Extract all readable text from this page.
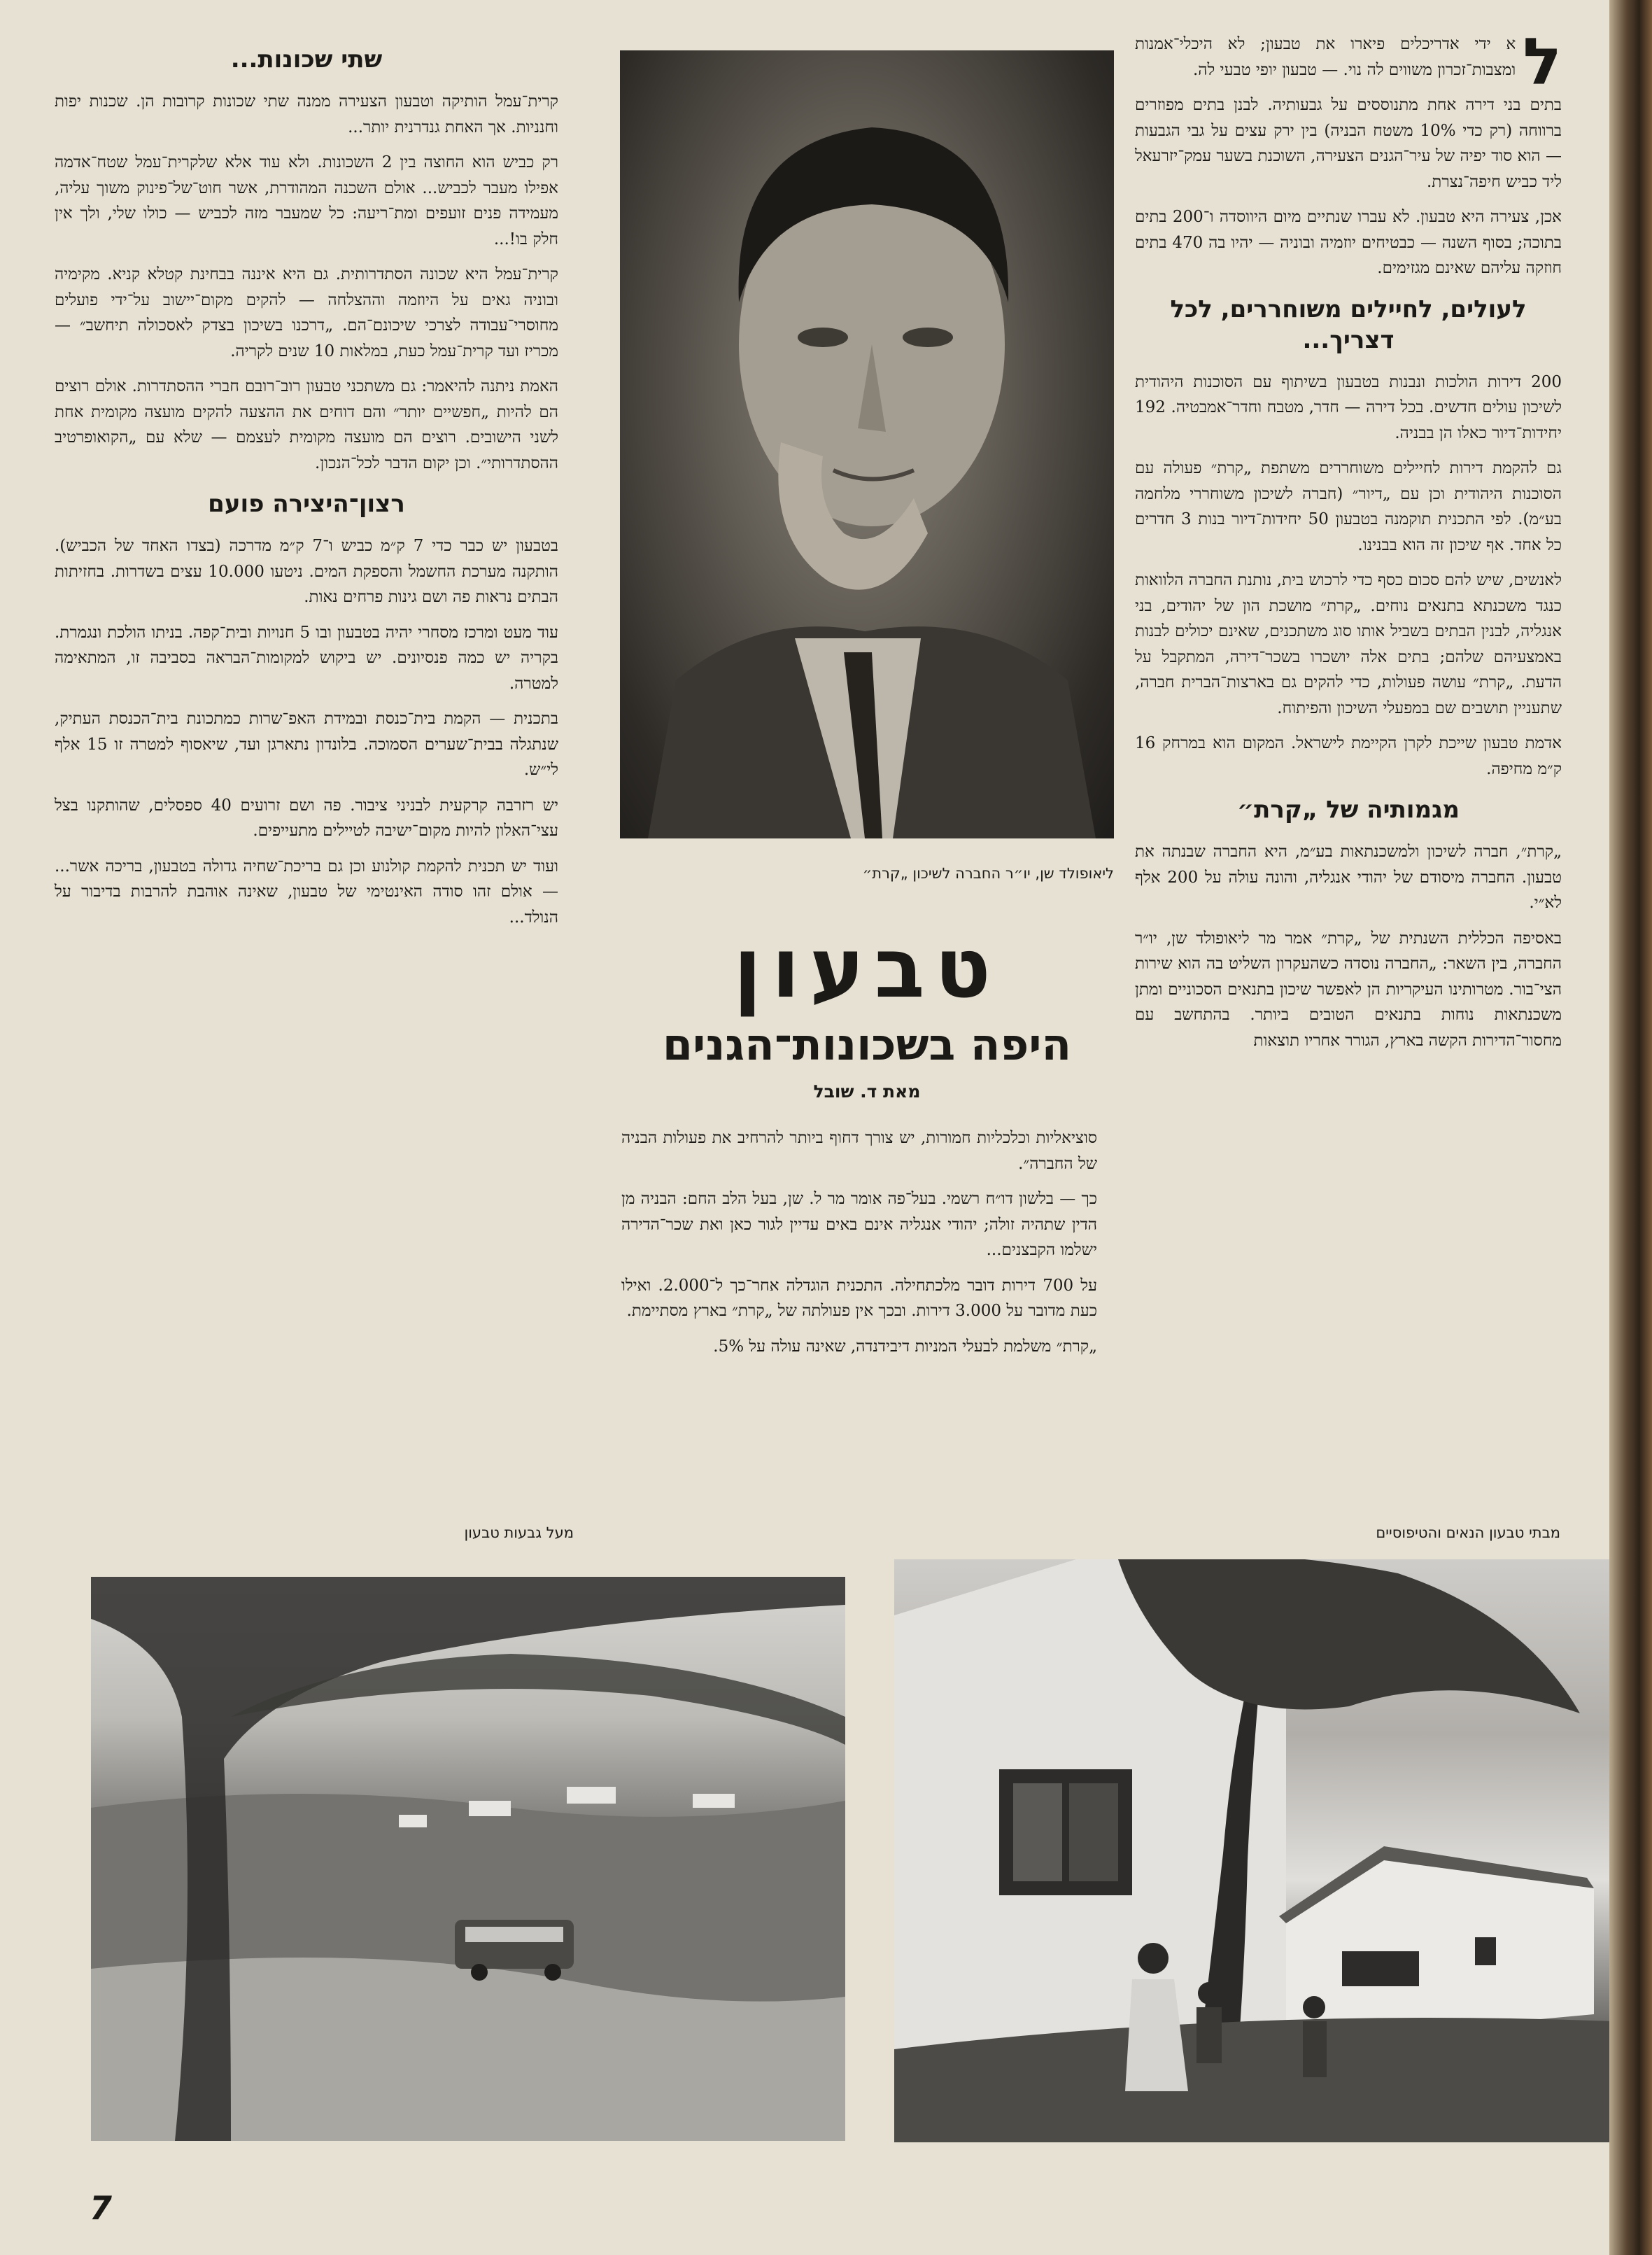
ל
א ידי אדריכלים פיארו את טבעון; לא היכלי־אמנות ומצבות־זכרון משווים לה נוי. — טבעון יופי טבעי לה.

בתים בני דירה אחת מתנוססים על גבעותיה. לבנן בתים מפוזרים ברווחה (רק כדי 10% משטח הבניה) בין ירק עצים על גבי הגבעות — הוא סוד יפיה של עיר־הגנים הצעירה, השוכנת בשער עמק־יזרעאל ליד כביש חיפה־נצרת.

אכן, צעירה היא טבעון. לא עברו שנתיים מיום היווסדה ו־200 בתים בתוכה; בסוף השנה — כבטיחים יוזמיה ובוניה — יהיו בה 470 בתים חוזקה עליהם שאינם מגזימים.

לעולים, לחיילים משוחררים, לכל דצריך...

200 דירות הולכות ונבנות בטבעון בשיתוף עם הסוכנות היהודית לשיכון עולים חדשים. בכל דירה — חדר, מטבח וחדר־אמבטיה. 192 יחידות־דיור כאלו הן בבניה.

גם להקמת דירות לחיילים משוחררים משתפת „קרת״ פעולה עם הסוכנות היהודית וכן עם „דיור״ (חברה לשיכון משוחררי מלחמה בע״מ). לפי התכנית תוקמנה בטבעון 50 יחידות־דיור בנות 3 חדרים כל אחד. אף שיכון זה הוא בבנינו.

לאנשים, שיש להם סכום כסף כדי לרכוש בית, נותנת החברה הלוואות כנגד משכנתא בתנאים נוחים. „קרת״ מושכת הון של יהודים, בני אנגליה, לבנין הבתים בשביל אותו סוג משתכנים, שאינם יכולים לבנות באמצעיהם שלהם; בתים אלה יושכרו בשכר־דירה, המתקבל על הדעת. „קרת״ עושה פעולות, כדי להקים גם בארצות־הברית חברה, שתעניין תושבים שם במפעלי השיכון והפיתוח.

אדמת טבעון שייכת לקרן הקיימת לישראל. המקום הוא במרחק 16 ק״מ מחיפה.

מגמותיה של „קרת״

„קרת״, חברה לשיכון ולמשכנתאות בע״מ, היא החברה שבנתה את טבעון. החברה מיסודם של יהודי אנגליה, והונה עולה על 200 אלף לא״י.

באסיפה הכללית השנתית של „קרת״ אמר מר ליאופולד שן, יו״ר החברה, בין השאר: „החברה נוסדה כשהעקרון השליט בה הוא שירות הצי־בור. מטרותינו העיקריות הן לאפשר שיכון בתנאים הסכוניים ומתן משכנתאות נוחות בתנאים הטובים ביותר. בהתחשב עם מחסור־הדירות הקשה בארץ, הגורר אחריו תוצאות

ליאופולד שן, יו״ר החברה לשיכון „קרת״
טבעון
היפה בשכונות־הגנים
מאת ד. שובל

סוציאליות וכלכליות חמורות, יש צורך דחוף ביותר להרחיב את פעולות הבניה של החברה״.

כך — בלשון דו״ח רשמי. בעל־פה אומר מר ל. שן, בעל הלב החם: הבניה מן הדין שתהיה זולה; יהודי אנגליה אינם באים עדיין לגור כאן ואת שכר־הדירה ישלמו הקבצנים...

על 700 דירות דובר מלכתחילה. התכנית הוגדלה אחר־כך ל־2.000. ואילו כעת מדובר על 3.000 דירות. ובכך אין פעולתה של „קרת״ בארץ מסתיימת.

„קרת״ משלמת לבעלי המניות דיבידנדה, שאינה עולה על 5%.

שתי שכונות...

קרית־עמל הותיקה וטבעון הצעירה ממנה שתי שכונות קרובות הן. שכנות יפות וחנניות. אך האחת גנדרנית יותר...

רק כביש הוא החוצה בין 2 השכונות. ולא עוד אלא שלקרית־עמל שטח־אדמה אפילו מעבר לכביש... אולם השכנה המהודרת, אשר חוט־של־פינוק משוך עליה, מעמידה פנים זועפים ומת־ריעה: כל שמעבר מזה לכביש — כולו שלי, ולך אין חלק בו!...

קרית־עמל היא שכונה הסתדרותית. גם היא איננה בבחינת קטלא קניא. מקימיה ובוניה גאים על היוזמה וההצלחה — להקים מקום־יישוב על־ידי פועלים מחוסרי־עבודה לצרכי שיכונם־הם. „דרכנו בשיכון בצדק לאסכולה תיחשב״ — מכריז ועד קרית־עמל כעת, במלאות 10 שנים לקריה.

האמת ניתנה להיאמר: גם משתכני טבעון רוב־רובם חברי ההסתדרות. אולם רוצים הם להיות „חפשיים יותר״ והם דוחים את ההצעה להקים מועצה מקומית אחת לשני הישובים. רוצים הם מועצה מקומית לעצמם — שלא עם „הקואופרטיב ההסתדרותי״. וכן יקום הדבר לכל־הנכון.

רצון־היצירה פועם

בטבעון יש כבר כדי 7 ק״מ כביש ו־7 ק״מ מדרכה (בצדו האחד של הכביש). הותקנה מערכת החשמל והספקת המים. ניטעו 10.000 עצים בשדרות. בחזיתות הבתים נראות פה ושם גינות פרחים נאות.

עוד מעט ומרכז מסחרי יהיה בטבעון ובו 5 חנויות ובית־קפה. בניתו הולכת ונגמרת. בקריה יש כמה פנסיונים. יש ביקוש למקומות־הבראה בסביבה זו, המתאימה למטרה.

בתכנית — הקמת בית־כנסת ובמידת האפ־שרות כמתכונת בית־הכנסת העתיק, שנתגלה בבית־שערים הסמוכה. בלונדון נתארגן ועד, שיאסוף למטרה זו 15 אלף לי״ש.

יש רזרבה קרקעית לבניני ציבור. פה ושם זרועים 40 ספסלים, שהותקנו בצל עצי־האלון להיות מקום־ישיבה לטיילים מתעייפים.

ועוד יש תכנית להקמת קולנוע וכן גם בריכת־שחיה גדולה בטבעון, בריכה אשר... — אולם זהו סודה האינטימי של טבעון, שאינה אוהבת להרבות בדיבור על הנולד...

מעל גבעות טבעון	מבתי טבעון הנאים והטיפוסיים
7
